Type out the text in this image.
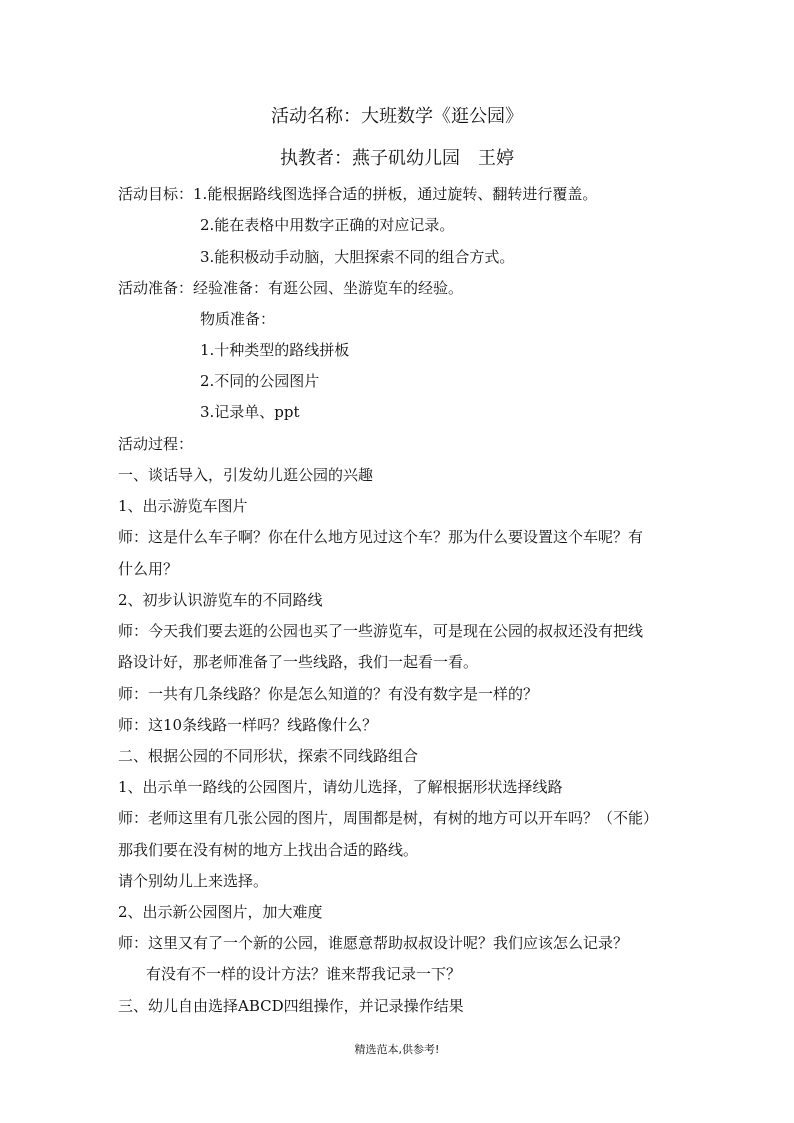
活动名称：大班数学《逛公园》
执教者：燕子矶幼儿园　王婷
活动目标：1.能根据路线图选择合适的拼板，通过旋转、翻转进行覆盖。
2.能在表格中用数字正确的对应记录。
3.能积极动手动脑，大胆探索不同的组合方式。
活动准备：经验准备：有逛公园、坐游览车的经验。
物质准备：
1.十种类型的路线拼板
2.不同的公园图片
3.记录单、ppt
活动过程：
一、谈话导入，引发幼儿逛公园的兴趣
1、出示游览车图片
师：这是什么车子啊？你在什么地方见过这个车？那为什么要设置这个车呢？有
什么用？
2、初步认识游览车的不同路线
师：今天我们要去逛的公园也买了一些游览车，可是现在公园的叔叔还没有把线
路设计好，那老师准备了一些线路，我们一起看一看。
师：一共有几条线路？你是怎么知道的？有没有数字是一样的？
师：这10条线路一样吗？线路像什么？
二、根据公园的不同形状，探索不同线路组合
1、出示单一路线的公园图片，请幼儿选择，了解根据形状选择线路
师：老师这里有几张公园的图片，周围都是树，有树的地方可以开车吗？（不能）
那我们要在没有树的地方上找出合适的路线。
请个别幼儿上来选择。
2、出示新公园图片，加大难度
师：这里又有了一个新的公园，谁愿意帮助叔叔设计呢？我们应该怎么记录？
有没有不一样的设计方法？谁来帮我记录一下？
三、幼儿自由选择ABCD四组操作，并记录操作结果
精选范本,供参考!
